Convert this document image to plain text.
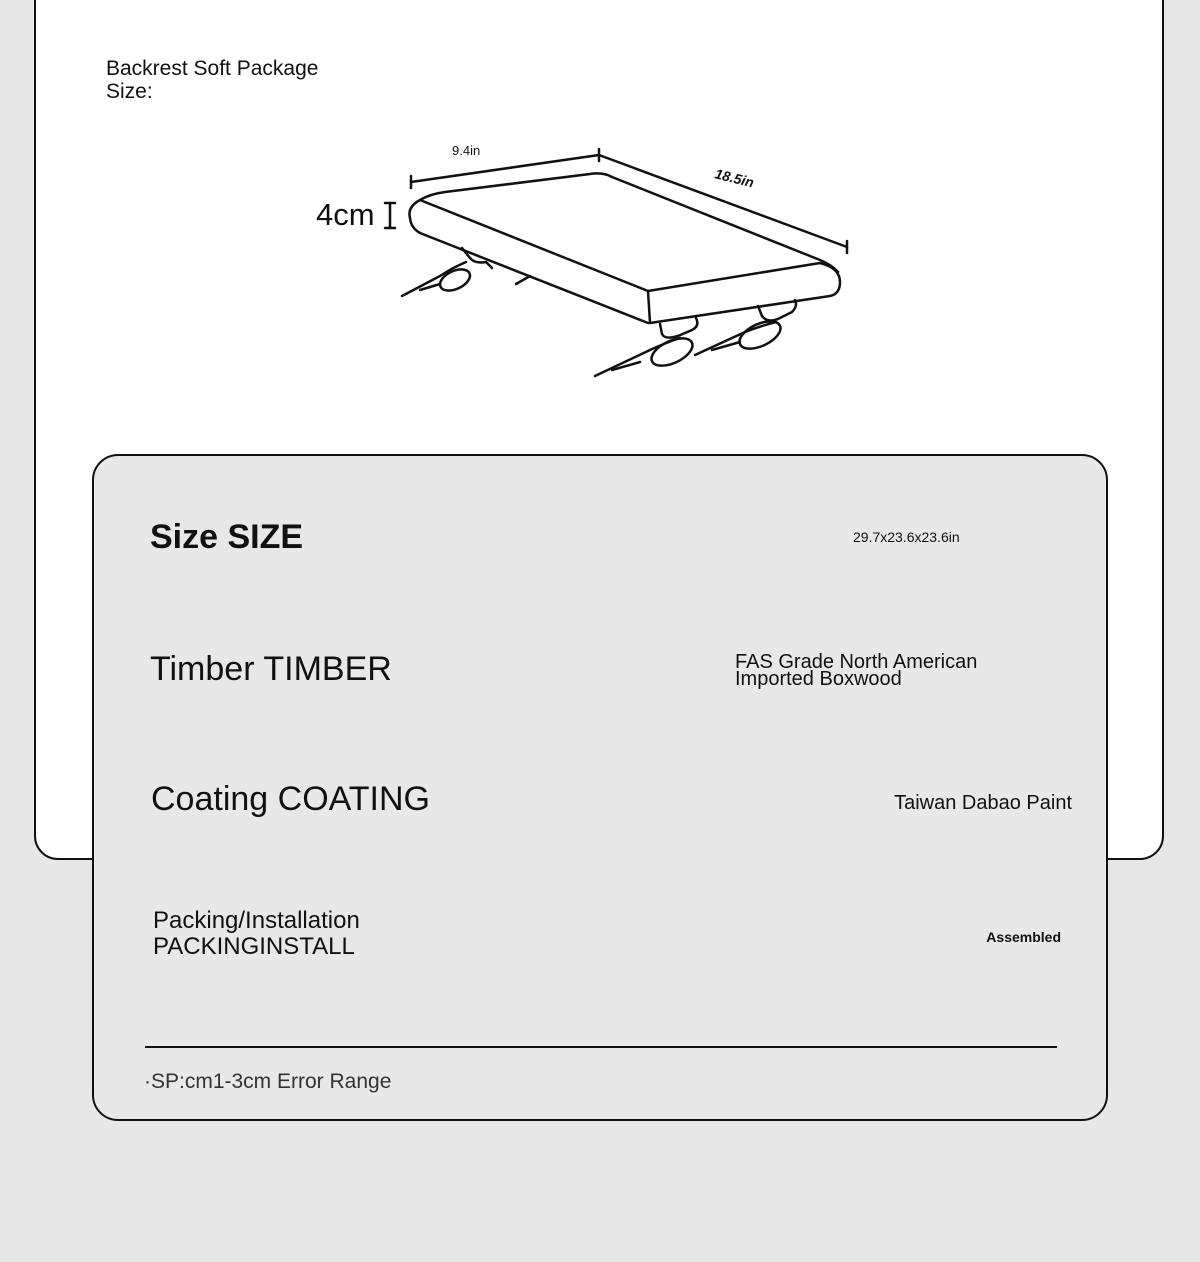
Backrest Soft Package
Size:
9.4in
18.5in
4cm

Size SIZE	29.7x23.6x23.6in

Timber TIMBER	FAS Grade North American
Imported Boxwood

Coating COATING	Taiwan Dabao Paint

Packing/Installation
PACKINGINSTALL	Assembled

·SP:cm1-3cm Error Range
